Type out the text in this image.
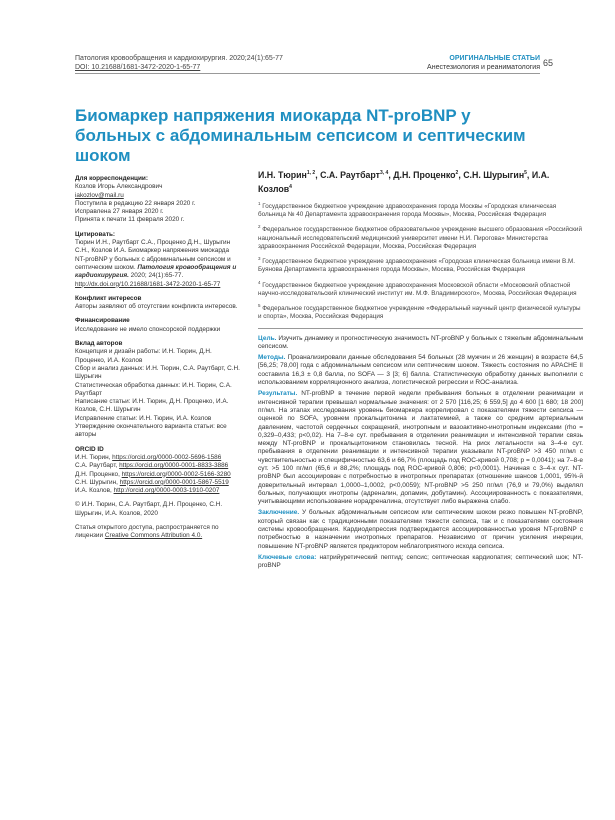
Патология кровообращения и кардиохирургия. 2020;24(1):65-77
DOI: 10.21688/1681-3472-2020-1-65-77
ОРИГИНАЛЬНЫЕ СТАТЬИ
Анестезиология и реаниматология 65
Биомаркер напряжения миокарда NT-proBNP у больных с абдоминальным сепсисом и септическим шоком
Для корреспонденции:
Козлов Игорь Александрович
iakozlov@mail.ru
Поступила в редакцию 22 января 2020 г.
Исправлена 27 января 2020 г.
Принята к печати 11 февраля 2020 г.
Цитировать:
Тюрин И.Н., Раутбарт С.А., Проценко Д.Н., Шурыгин С.Н., Козлов И.А. Биомаркер напряжения миокарда NT-proBNP у больных с абдоминальным сепсисом и септическим шоком. Патология кровообращения и кардиохирургия. 2020; 24(1):65-77. http://dx.doi.org/10.21688/1681-3472-2020-1-65-77
Конфликт интересов
Авторы заявляют об отсутствии конфликта интересов.
Финансирование
Исследование не имело спонсорской поддержки
Вклад авторов
Концепция и дизайн работы: И.Н. Тюрин, Д.Н. Проценко, И.А. Козлов
Сбор и анализ данных: И.Н. Тюрин, С.А. Раутбарт, С.Н. Шурыгин
Статистическая обработка данных: И.Н. Тюрин, С.А. Раутбарт
Написание статьи: И.Н. Тюрин, Д.Н. Проценко, И.А. Козлов, С.Н. Шурыгин
Исправление статьи: И.Н. Тюрин, И.А. Козлов
Утверждение окончательного варианта статьи: все авторы
ORCID ID
И.Н. Тюрин, https://orcid.org/0000-0002-5696-1586
С.А. Раутбарт, https://orcid.org/0000-0001-8833-3886
Д.Н. Проценко, https://orcid.org/0000-0002-5166-3280
С.Н. Шурыгин, https://orcid.org/0000-0001-5867-5519
И.А. Козлов, http://orcid.org/0000-0003-1910-0207
© И.Н. Тюрин, С.А. Раутбарт, Д.Н. Проценко, С.Н. Шурыгин, И.А. Козлов, 2020
Статья открытого доступа, распространяется по лицензии Creative Commons Attribution 4.0.
И.Н. Тюрин$^{1, 2}$, С.А. Раутбарт$^{3, 4}$, Д.Н. Проценко$^2$, С.Н. Шурыгин$^5$, И.А. Козлов$^4$
$^1$ Государственное бюджетное учреждение здравоохранения города Москвы «Городская клиническая больница № 40 Департамента здравоохранения города Москвы», Москва, Российская Федерация
$^2$ Федеральное государственное бюджетное образовательное учреждение высшего образования «Российский национальный исследовательский медицинский университет имени Н.И. Пирогова» Министерства здравоохранения Российской Федерации, Москва, Российская Федерация
$^3$ Государственное бюджетное учреждение здравоохранения «Городская клиническая больница имени В.М. Буянова Департамента здравоохранения города Москвы», Москва, Российская Федерация
$^4$ Государственное бюджетное учреждение здравоохранения Московской области «Московский областной научно-исследовательский клинический институт им. М.Ф. Владимирского», Москва, Российская Федерация
$^5$ Федеральное государственное бюджетное учреждение «Федеральный научный центр физической культуры и спорта», Москва, Российская Федерация
Цель. Изучить динамику и прогностическую значимость NT-proBNP у больных с тяжелым абдоминальным сепсисом.
Методы. Проанализировали данные обследования 54 больных (28 мужчин и 26 женщин) в возрасте 64,5 [56,25; 78,00] года с абдоминальным сепсисом или септическим шоком. Тяжесть состояния по APACHE II составила 16,3 ± 0,8 балла, по SOFA — 3 [3; 6] балла. Статистическую обработку данных выполнили с использованием корреляционного анализа, логистической регрессии и ROC-анализа.
Результаты. NT-proBNP в течение первой недели пребывания больных в отделении реанимации и интенсивной терапии превышал нормальные значения: от 2 570 [116,25; 6 559,5] до 4 600 [1 680; 18 200] пг/мл. На этапах исследования уровень биомаркера коррелировал с показателями тяжести сепсиса — оценкой по SOFA, уровнем прокальцитонина и лактатемией, а также со средним артериальным давлением, частотой сердечных сокращений, инотропным и вазоактивно-инотропным индексами (rho = 0,329–0,433; p<0,02). На 7–8-е сут. пребывания в отделении реанимации и интенсивной терапии связь между NT-proBNP и прокальцитонином становилась тесной. На риск летальности на 3–4-е сут. пребывания в отделении реанимации и интенсивной терапии указывали NT-proBNP >3 450 пг/мл с чувствительностью и специфичностью 63,6 и 66,7% (площадь под ROC-кривой 0,708; p = 0,0041); на 7–8-е сут. >5 100 пг/мл (65,6 и 88,2%; площадь под ROC-кривой 0,806; p<0,0001). Начиная с 3–4-х сут. NT-proBNP был ассоциирован с потребностью в инотропных препаратах (отношение шансов 1,0001, 95%-й доверительный интервал 1,0000–1,0002, p<0,0059); NT-proBNP >5 250 пг/мл (76,9 и 79,0%) выделял больных, получающих инотропы (адреналин, допамин, добутамин). Ассоциированность с показателями, учитывающими использование норадреналина, отсутствует либо выражена слабо.
Заключение. У больных абдоминальным сепсисом или септическим шоком резко повышен NT-proBNP, который связан как с традиционными показателями тяжести сепсиса, так и с показателями состояния системы кровообращения. Кардиодепрессия подтверждается ассоциированностью уровня NT-proBNP с потребностью в назначении инотропных препаратов. Независимо от причин усиления инкреции, повышение NT-proBNP является предиктором неблагоприятного исхода сепсиса.
Ключевые слова: натрийуретический пептид; сепсис; септическая кардиопатия; септический шок; NT-proBNP
